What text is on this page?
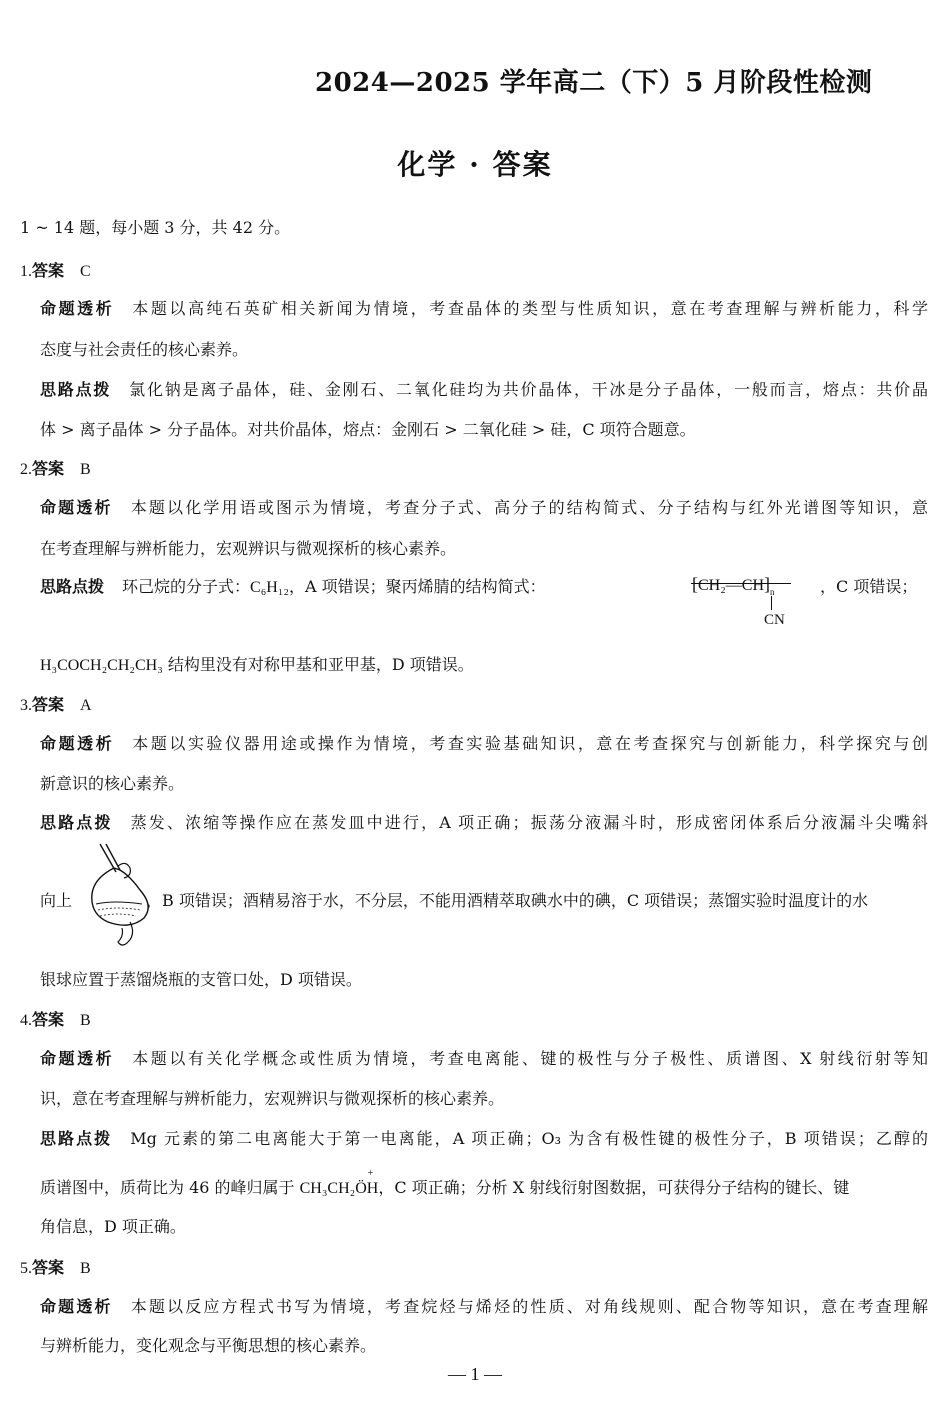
2024—2025 学年高二（下）5 月阶段性检测
化学 · 答案
1 ~ 14 题，每小题 3 分，共 42 分。
1.答案 C
命题透析 本题以高纯石英矿相关新闻为情境，考查晶体的类型与性质知识，意在考查理解与辨析能力，科学
态度与社会责任的核心素养。
思路点拨 氯化钠是离子晶体，硅、金刚石、二氧化硅均为共价晶体，干冰是分子晶体，一般而言，熔点：共价晶
体 > 离子晶体 > 分子晶体。对共价晶体，熔点：金刚石 > 二氧化硅 > 硅，C 项符合题意。
2.答案 B
命题透析 本题以化学用语或图示为情境，考查分子式、高分子的结构简式、分子结构与红外光谱图等知识，意
在考查理解与辨析能力，宏观辨识与微观探析的核心素养。
思路点拨 环己烷的分子式：C₆H₁₂，A 项错误；聚丙烯腈的结构简式：	$[CH_2—CH]_n$
CN
，C 项错误；
H₃COCH₂CH₂CH₃ 结构里没有对称甲基和亚甲基，D 项错误。
3.答案 A
命题透析 本题以实验仪器用途或操作为情境，考查实验基础知识，意在考查探究与创新能力，科学探究与创
新意识的核心素养。
思路点拨 蒸发、浓缩等操作应在蒸发皿中进行，A 项正确；振荡分液漏斗时，形成密闭体系后分液漏斗尖嘴斜
向上	，B 项错误；酒精易溶于水，不分层，不能用酒精萃取碘水中的碘，C 项错误；蒸馏实验时温度计的水
银球应置于蒸馏烧瓶的支管口处，D 项错误。
4.答案 B
命题透析 本题以有关化学概念或性质为情境，考查电离能、键的极性与分子极性、质谱图、X 射线衍射等知
识，意在考查理解与辨析能力，宏观辨识与微观探析的核心素养。
思路点拨 Mg 元素的第二电离能大于第一电离能，A 项正确；O₃ 为含有极性键的极性分子，B 项错误；乙醇的
质谱图中，质荷比为 46 的峰归属于 CH₃CH₂ÖH
+
，C 项正确；分析 X 射线衍射图数据，可获得分子结构的键长、键
角信息，D 项正确。
5.答案 B
命题透析 本题以反应方程式书写为情境，考查烷烃与烯烃的性质、对角线规则、配合物等知识，意在考查理解
与辨析能力，变化观念与平衡思想的核心素养。
— 1 —
